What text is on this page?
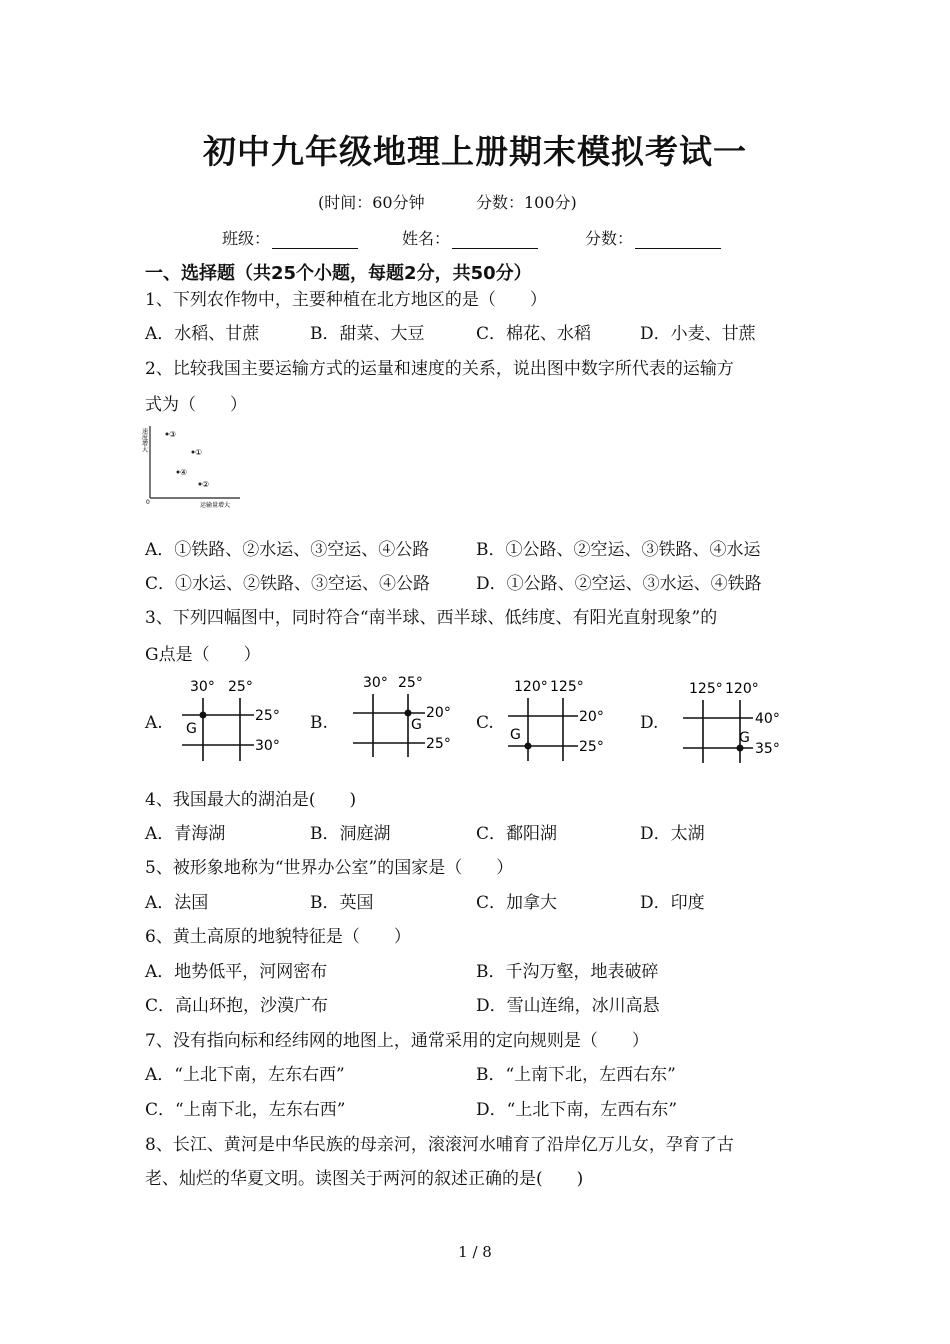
初中九年级地理上册期末模拟考试一
(时间：60分钟	分数：100分)
班级：	姓名：	分数：
一、选择题（共25个小题，每题2分，共50分）
1、下列农作物中，主要种植在北方地区的是（　　）
A．水稻、甘蔗	B．甜菜、大豆	C．棉花、水稻	D．小麦、甘蔗
2、比较我国主要运输方式的运量和速度的关系，说出图中数字所代表的运输方
式为（　　）
速度增大
0	运输量增大
③
①
④
②
A．①铁路、②水运、③空运、④公路	B．①公路、②空运、③铁路、④水运
C．①水运、②铁路、③空运、④公路	D．①公路、②空运、③水运、④铁路
3、下列四幅图中，同时符合“南半球、西半球、低纬度、有阳光直射现象”的
G点是（　　）
A.
30° 25°
25°
30°
G	B.
30° 25°
20°
25°
G	C.
120° 125°
20°
25°
G
D.
125° 120°
40°
35°
G
4、我国最大的湖泊是(　　)
A．青海湖	B．洞庭湖	C．鄱阳湖	D．太湖
5、被形象地称为“世界办公室”的国家是（　　）
A．法国	B．英国	C．加拿大	D．印度
6、黄土高原的地貌特征是（　　）
A．地势低平，河网密布	B．千沟万壑，地表破碎
C．高山环抱，沙漠广布	D．雪山连绵，冰川高悬
7、没有指向标和经纬网的地图上，通常采用的定向规则是（　　）
A．“上北下南，左东右西”	B．“上南下北，左西右东”
C．“上南下北，左东右西”	D．“上北下南，左西右东”
8、长江、黄河是中华民族的母亲河，滚滚河水哺育了沿岸亿万儿女，孕育了古
老、灿烂的华夏文明。读图关于两河的叙述正确的是(　　)
1 / 8
